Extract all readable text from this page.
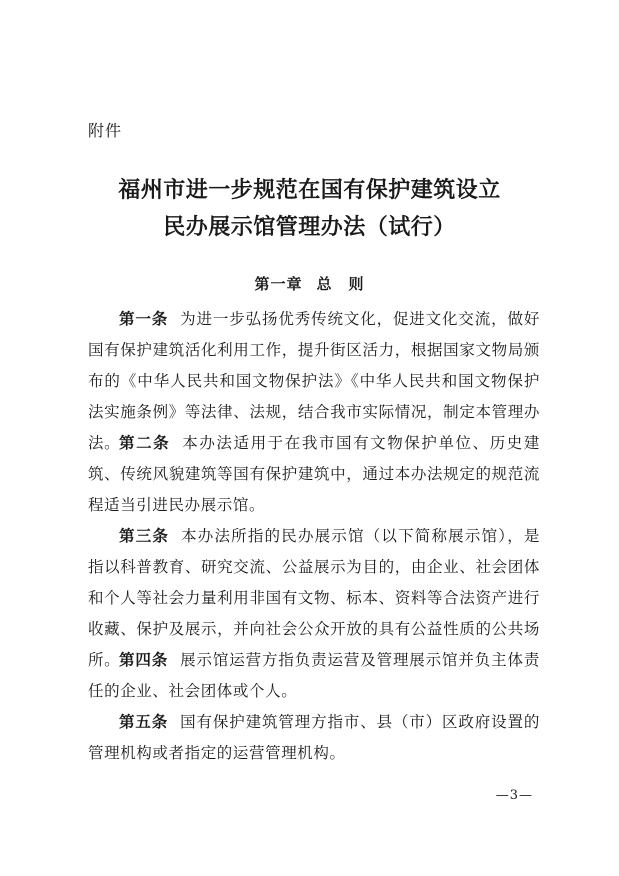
附件
福州市进一步规范在国有保护建筑设立
民办展示馆管理办法（试行）
第一章 总　则
第一条 为进一步弘扬优秀传统文化，促进文化交流，做好国有保护建筑活化利用工作，提升街区活力，根据国家文物局颁布的《中华人民共和国文物保护法》《中华人民共和国文物保护法实施条例》等法律、法规，结合我市实际情况，制定本管理办法。
第二条 本办法适用于在我市国有文物保护单位、历史建筑、传统风貌建筑等国有保护建筑中，通过本办法规定的规范流程适当引进民办展示馆。
第三条 本办法所指的民办展示馆（以下简称展示馆），是指以科普教育、研究交流、公益展示为目的，由企业、社会团体和个人等社会力量利用非国有文物、标本、资料等合法资产进行收藏、保护及展示，并向社会公众开放的具有公益性质的公共场所。
第四条 展示馆运营方指负责运营及管理展示馆并负主体责任的企业、社会团体或个人。
第五条 国有保护建筑管理方指市、县（市）区政府设置的管理机构或者指定的运营管理机构。
—3—
